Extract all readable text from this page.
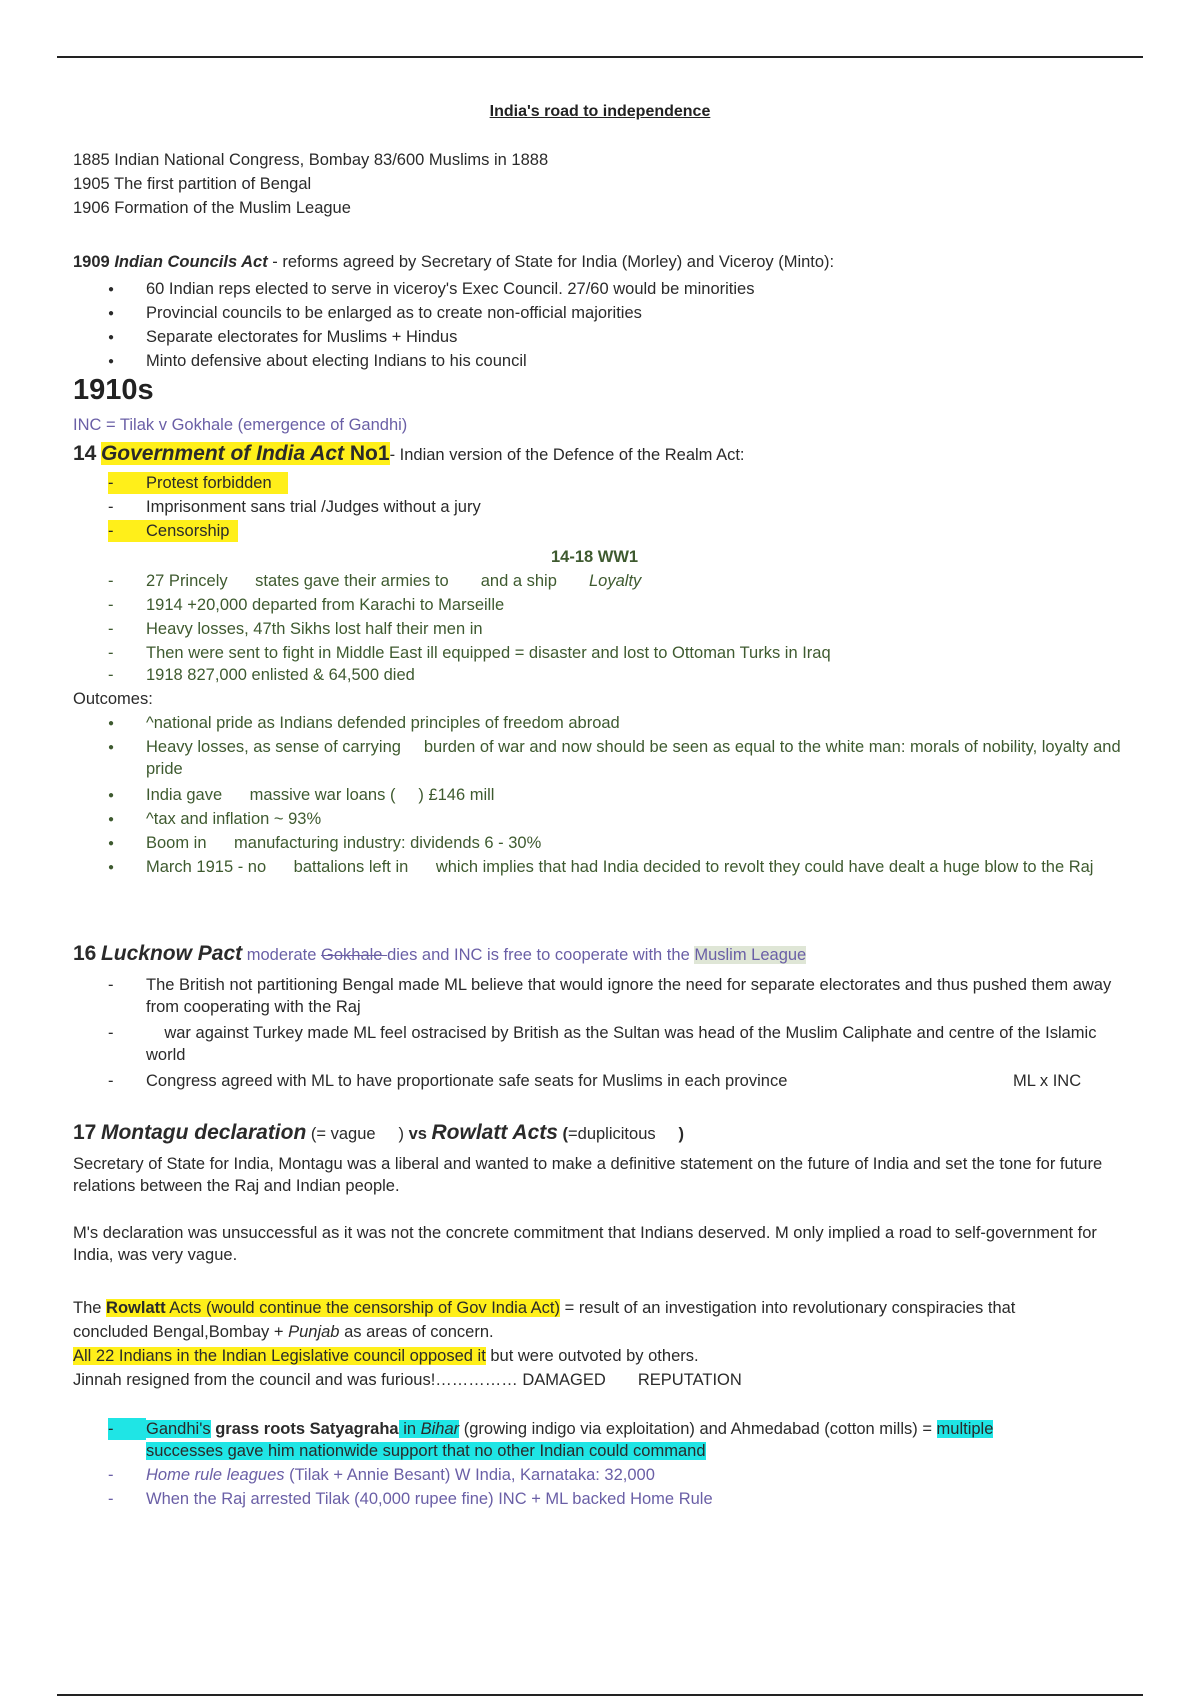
India's road to independence
1885 Indian National Congress, Bombay 83/600 Muslims in 1888
1905 The first partition of Bengal
1906 Formation of the Muslim League
1909 Indian Councils Act - reforms agreed by Secretary of State for India (Morley) and Viceroy (Minto):
●
60 Indian reps elected to serve in viceroy's Exec Council. 27/60 would be minorities
●
Provincial councils to be enlarged as to create non-official majorities
●
Separate electorates for Muslims + Hindus
●
Minto defensive about electing Indians to his council
1910s
INC = Tilak v Gokhale (emergence of Gandhi)
14 Government of India Act No1- Indian version of the Defence of the Realm Act:
-	Protest forbidden
- Imprisonment sans trial /Judges without a jury
-	Censorship
14-18 WW1
- 27 Princely states gave their armies to and a ship Loyalty
- 1914 +20,000 departed from Karachi to Marseille
- Heavy losses, 47th Sikhs lost half their men in
- Then were sent to fight in Middle East ill equipped = disaster and lost to Ottoman Turks in Iraq
- 1918 827,000 enlisted & 64,500 died
Outcomes:
●
^national pride as Indians defended principles of freedom abroad
●
Heavy losses, as sense of carrying     burden of war and now should be seen as equal to the white man: morals of nobility, loyalty and pride
●
India gave      massive war loans (     ) £146 mill
●
^tax and inflation ~ 93%
●
Boom in      manufacturing industry: dividends 6 - 30%
●
March 1915 - no      battalions left in      which implies that had India decided to revolt they could have dealt a huge blow to the Raj
16 Lucknow Pact moderate Gokhale dies and INC is free to cooperate with the Muslim League
- The British not partitioning Bengal made ML believe that would ignore the need for separate electorates and thus pushed them away from cooperating with the Raj
- war against Turkey made ML feel ostracised by British as the Sultan was head of the Muslim Caliphate and centre of the Islamic world
- Congress agreed with ML to have proportionate safe seats for Muslims in each province	ML x INC
17 Montagu declaration (= vague     ) vs Rowlatt Acts (=duplicitous     )
Secretary of State for India, Montagu was a liberal and wanted to make a definitive statement on the future of India and set the tone for future relations between the Raj and Indian people.
M's declaration was unsuccessful as it was not the concrete commitment that Indians deserved. M only implied a road to self-government for India, was very vague.
The Rowlatt Acts (would continue the censorship of Gov India Act) = result of an investigation into revolutionary conspiracies that
concluded Bengal,Bombay + Punjab as areas of concern.
All 22 Indians in the Indian Legislative council opposed it but were outvoted by others.
Jinnah resigned from the council and was furious!…………… DAMAGED       REPUTATION
-	Gandhi's grass roots Satyagraha in Bihar (growing indigo via exploitation) and Ahmedabad (cotton mills) = multiple
successes gave him nationwide support that no other Indian could command
- Home rule leagues (Tilak + Annie Besant) W India, Karnataka: 32,000
- When the Raj arrested Tilak (40,000 rupee fine) INC + ML backed Home Rule
